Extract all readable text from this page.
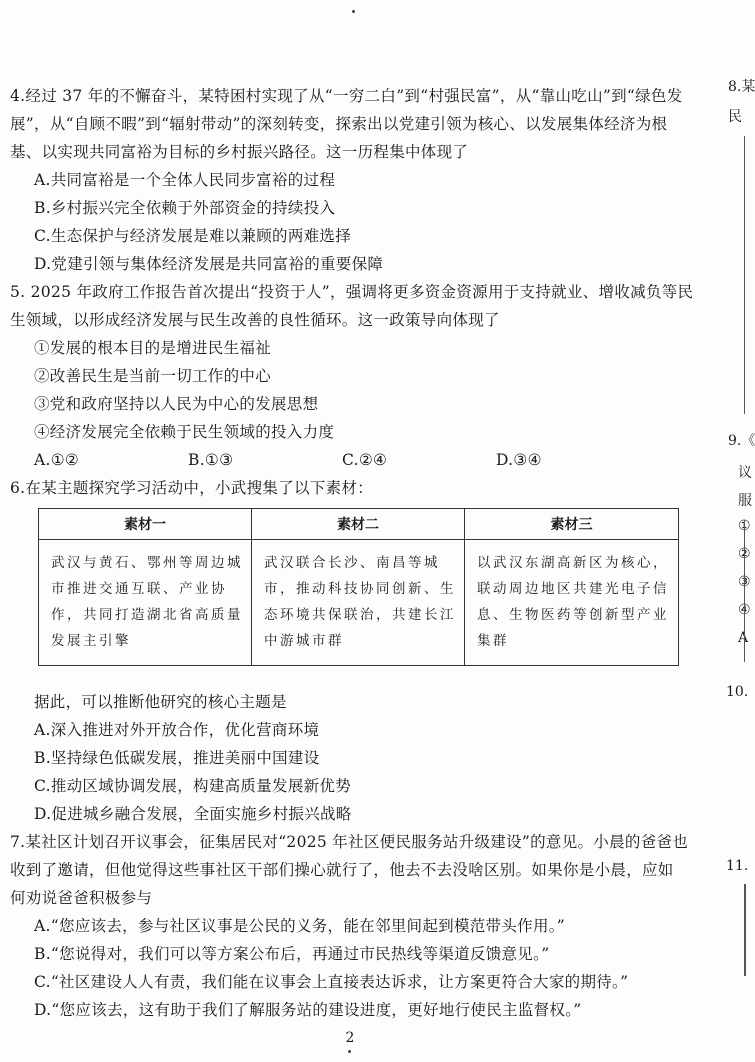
4.经过 37 年的不懈奋斗，某特困村实现了从“一穷二白”到“村强民富”，从“靠山吃山”到“绿色发
展”，从“自顾不暇”到“辐射带动”的深刻转变，探索出以党建引领为核心、以发展集体经济为根
基、以实现共同富裕为目标的乡村振兴路径。这一历程集中体现了
A.共同富裕是一个全体人民同步富裕的过程
B.乡村振兴完全依赖于外部资金的持续投入
C.生态保护与经济发展是难以兼顾的两难选择
D.党建引领与集体经济发展是共同富裕的重要保障
5. 2025 年政府工作报告首次提出“投资于人”，强调将更多资金资源用于支持就业、增收减负等民
生领域，以形成经济发展与民生改善的良性循环。这一政策导向体现了
①发展的根本目的是增进民生福祉
②改善民生是当前一切工作的中心
③党和政府坚持以人民为中心的发展思想
④经济发展完全依赖于民生领域的投入力度
A.①②	B.①③	C.②④	D.③④
6.在某主题探究学习活动中，小武搜集了以下素材：
素材一	素材二	素材三
武汉与黄石、鄂州等周边城市推进交通互联、产业协作，共同打造湖北省高质量发展主引擎	武汉联合长沙、南昌等城市，推动科技协同创新、生态环境共保联治，共建长江中游城市群	以武汉东湖高新区为核心，联动周边地区共建光电子信息、生物医药等创新型产业集群
据此，可以推断他研究的核心主题是
A.深入推进对外开放合作，优化营商环境
B.坚持绿色低碳发展，推进美丽中国建设
C.推动区域协调发展，构建高质量发展新优势
D.促进城乡融合发展，全面实施乡村振兴战略
7.某社区计划召开议事会，征集居民对“2025 年社区便民服务站升级建设”的意见。小晨的爸爸也
收到了邀请，但他觉得这些事社区干部们操心就行了，他去不去没啥区别。如果你是小晨，应如
何劝说爸爸积极参与
A.“您应该去，参与社区议事是公民的义务，能在邻里间起到模范带头作用。”
B.“您说得对，我们可以等方案公布后，再通过市民热线等渠道反馈意见。”
C.“社区建设人人有责，我们能在议事会上直接表达诉求，让方案更符合大家的期待。”
D.“您应该去，这有助于我们了解服务站的建设进度，更好地行使民主监督权。”
2
8.某
民
9.《
议
服
①
②
③
④
A
10.
11.
